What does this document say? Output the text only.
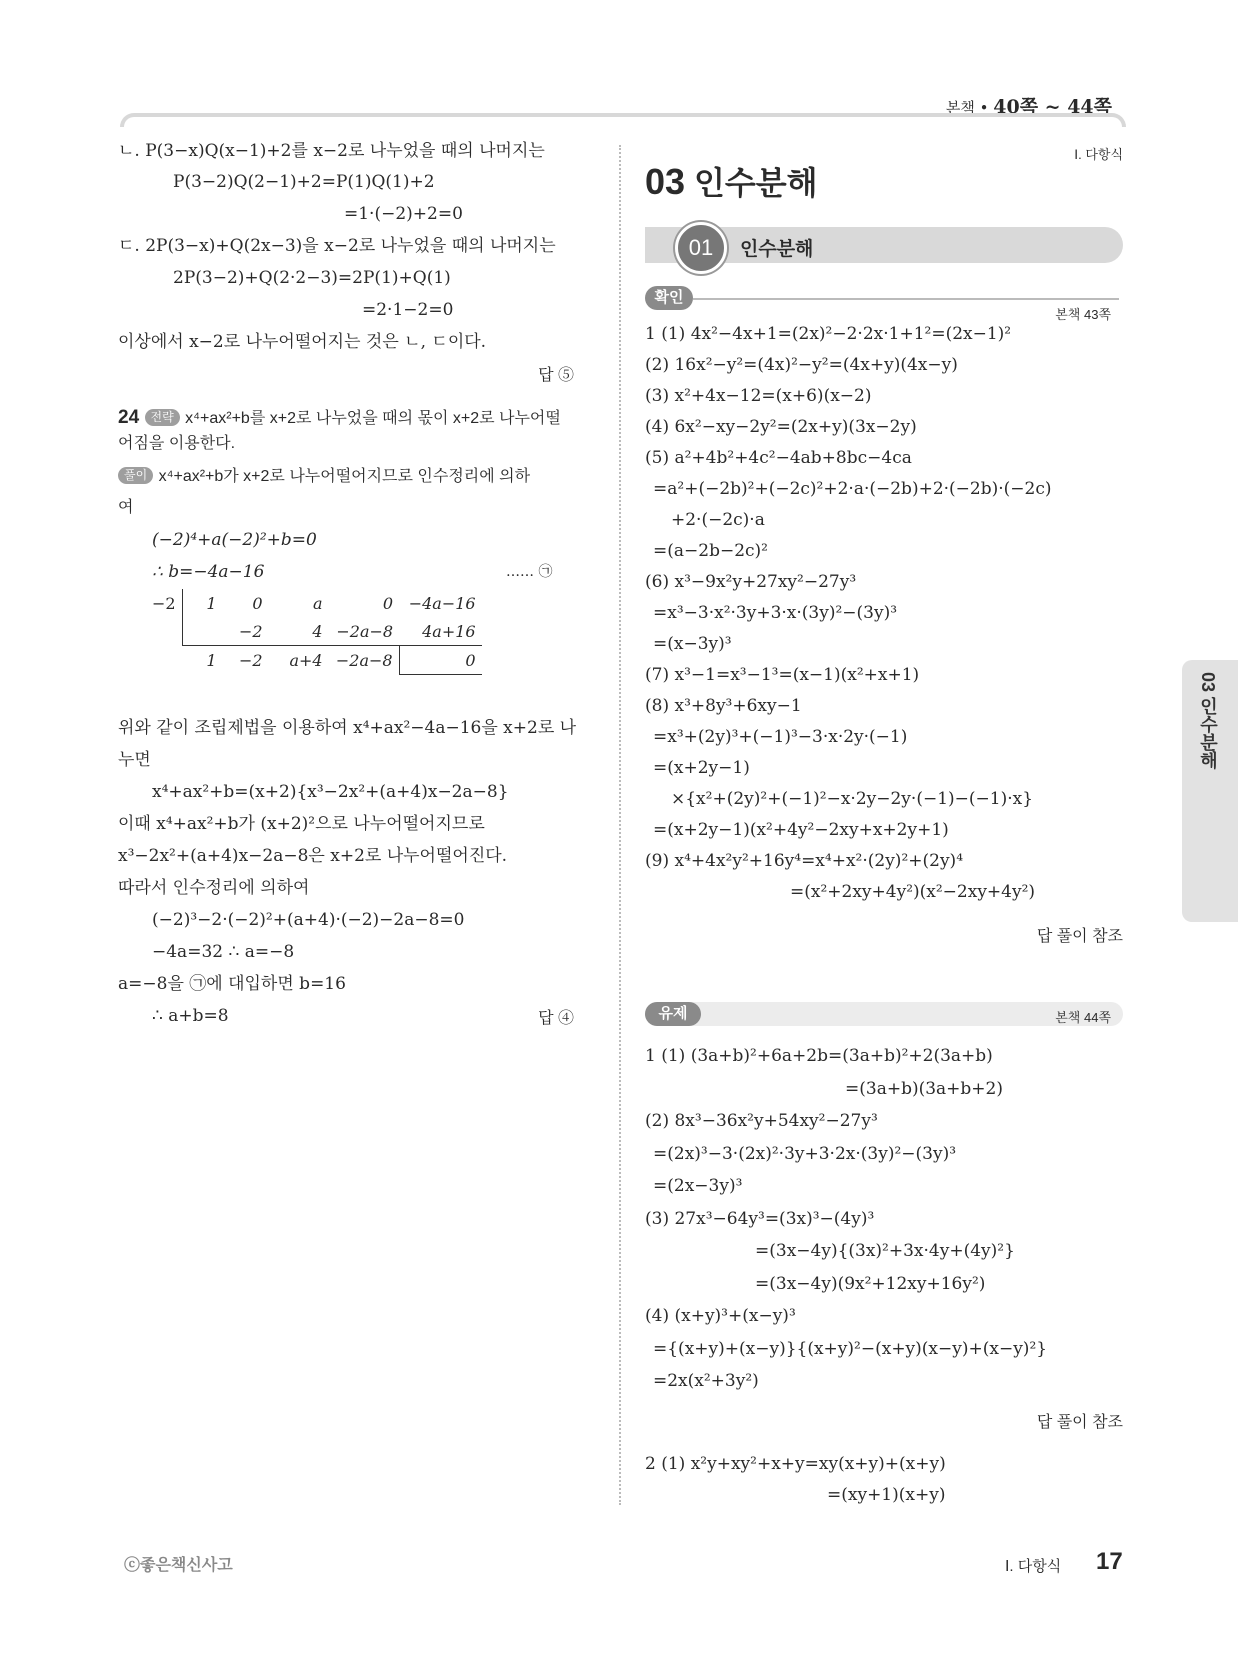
본책 • 40쪽 ~ 44쪽
ㄴ. P(3−x)Q(x−1)+2를 x−2로 나누었을 때의 나머지는
P(3−2)Q(2−1)+2=P(1)Q(1)+2
=1·(−2)+2=0
ㄷ. 2P(3−x)+Q(2x−3)을 x−2로 나누었을 때의 나머지는
2P(3−2)+Q(2·2−3)=2P(1)+Q(1)
=2·1−2=0
이상에서 x−2로 나누어떨어지는 것은 ㄴ, ㄷ이다.
답 ⑤
24 전략 x⁴+ax²+b를 x+2로 나누었을 때의 몫이 x+2로 나누어떨
어짐을 이용한다.
풀이 x⁴+ax²+b가 x+2로 나누어떨어지므로 인수정리에 의하
여
(−2)⁴+a(−2)²+b=0
∴ b=−4a−16	…… ㉠
−2	1	0	a	0	−4a−16
		−2	4	−2a−8	4a+16
	1	−2	a+4	−2a−8	0
위와 같이 조립제법을 이용하여 x⁴+ax²−4a−16을 x+2로 나
누면
x⁴+ax²+b=(x+2){x³−2x²+(a+4)x−2a−8}
이때 x⁴+ax²+b가 (x+2)²으로 나누어떨어지므로
x³−2x²+(a+4)x−2a−8은 x+2로 나누어떨어진다.
따라서 인수정리에 의하여
(−2)³−2·(−2)²+(a+4)·(−2)−2a−8=0
−4a=32 ∴ a=−8
a=−8을 ㉠에 대입하면 b=16
∴ a+b=8	답 ④
Ⅰ. 다항식
03 인수분해
01	인수분해
확인
본책 43쪽
1 (1) 4x²−4x+1=(2x)²−2·2x·1+1²=(2x−1)²
(2) 16x²−y²=(4x)²−y²=(4x+y)(4x−y)
(3) x²+4x−12=(x+6)(x−2)
(4) 6x²−xy−2y²=(2x+y)(3x−2y)
(5) a²+4b²+4c²−4ab+8bc−4ca
=a²+(−2b)²+(−2c)²+2·a·(−2b)+2·(−2b)·(−2c)
+2·(−2c)·a
=(a−2b−2c)²
(6) x³−9x²y+27xy²−27y³
=x³−3·x²·3y+3·x·(3y)²−(3y)³
=(x−3y)³
(7) x³−1=x³−1³=(x−1)(x²+x+1)
(8) x³+8y³+6xy−1
=x³+(2y)³+(−1)³−3·x·2y·(−1)
=(x+2y−1)
×{x²+(2y)²+(−1)²−x·2y−2y·(−1)−(−1)·x}
=(x+2y−1)(x²+4y²−2xy+x+2y+1)
(9) x⁴+4x²y²+16y⁴=x⁴+x²·(2y)²+(2y)⁴
=(x²+2xy+4y²)(x²−2xy+4y²)
답 풀이 참조
유제	본책 44쪽
1 (1) (3a+b)²+6a+2b=(3a+b)²+2(3a+b)
=(3a+b)(3a+b+2)
(2) 8x³−36x²y+54xy²−27y³
=(2x)³−3·(2x)²·3y+3·2x·(3y)²−(3y)³
=(2x−3y)³
(3) 27x³−64y³=(3x)³−(4y)³
=(3x−4y){(3x)²+3x·4y+(4y)²}
=(3x−4y)(9x²+12xy+16y²)
(4) (x+y)³+(x−y)³
={(x+y)+(x−y)}{(x+y)²−(x+y)(x−y)+(x−y)²}
=2x(x²+3y²)
답 풀이 참조
2 (1) x²y+xy²+x+y=xy(x+y)+(x+y)
=(xy+1)(x+y)
03 인수분해
ⓒ좋은책신사고	Ⅰ. 다항식 17
